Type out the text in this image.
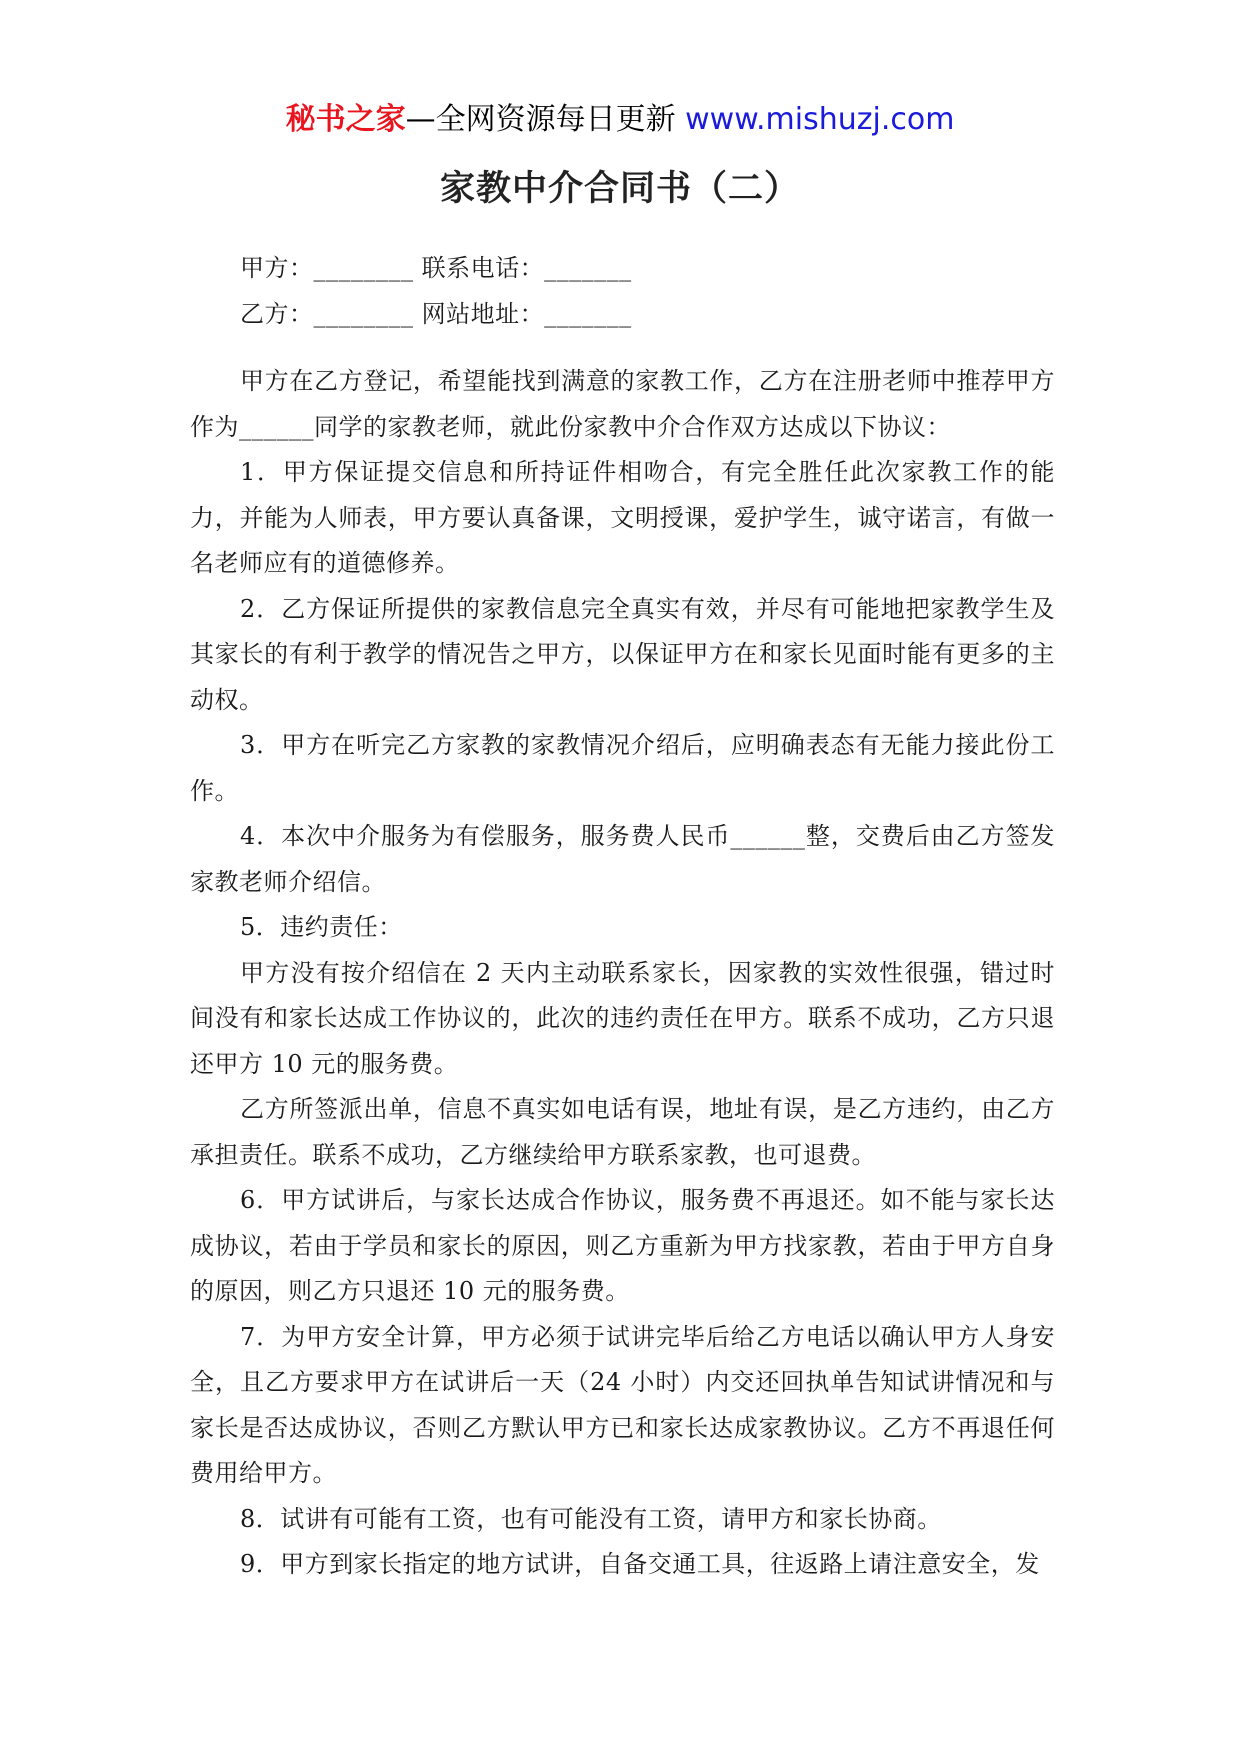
秘书之家—全网资源每日更新 www.mishuzj.com
家教中介合同书（二）
甲方：________ 联系电话：_______
乙方：________ 网站地址：_______

甲方在乙方登记，希望能找到满意的家教工作，乙方在注册老师中推荐甲方作为______同学的家教老师，就此份家教中介合作双方达成以下协议：

1．甲方保证提交信息和所持证件相吻合，有完全胜任此次家教工作的能力，并能为人师表，甲方要认真备课，文明授课，爱护学生，诚守诺言，有做一名老师应有的道德修养。

2．乙方保证所提供的家教信息完全真实有效，并尽有可能地把家教学生及其家长的有利于教学的情况告之甲方，以保证甲方在和家长见面时能有更多的主动权。

3．甲方在听完乙方家教的家教情况介绍后，应明确表态有无能力接此份工作。

4．本次中介服务为有偿服务，服务费人民币______整，交费后由乙方签发家教老师介绍信。

5．违约责任：

甲方没有按介绍信在 2 天内主动联系家长，因家教的实效性很强，错过时间没有和家长达成工作协议的，此次的违约责任在甲方。联系不成功，乙方只退还甲方 10 元的服务费。

乙方所签派出单，信息不真实如电话有误，地址有误，是乙方违约，由乙方承担责任。联系不成功，乙方继续给甲方联系家教，也可退费。

6．甲方试讲后，与家长达成合作协议，服务费不再退还。如不能与家长达成协议，若由于学员和家长的原因，则乙方重新为甲方找家教，若由于甲方自身的原因，则乙方只退还 10 元的服务费。

7．为甲方安全计算，甲方必须于试讲完毕后给乙方电话以确认甲方人身安全，且乙方要求甲方在试讲后一天（24 小时）内交还回执单告知试讲情况和与家长是否达成协议，否则乙方默认甲方已和家长达成家教协议。乙方不再退任何费用给甲方。

8．试讲有可能有工资，也有可能没有工资，请甲方和家长协商。

9．甲方到家长指定的地方试讲，自备交通工具，往返路上请注意安全，发
